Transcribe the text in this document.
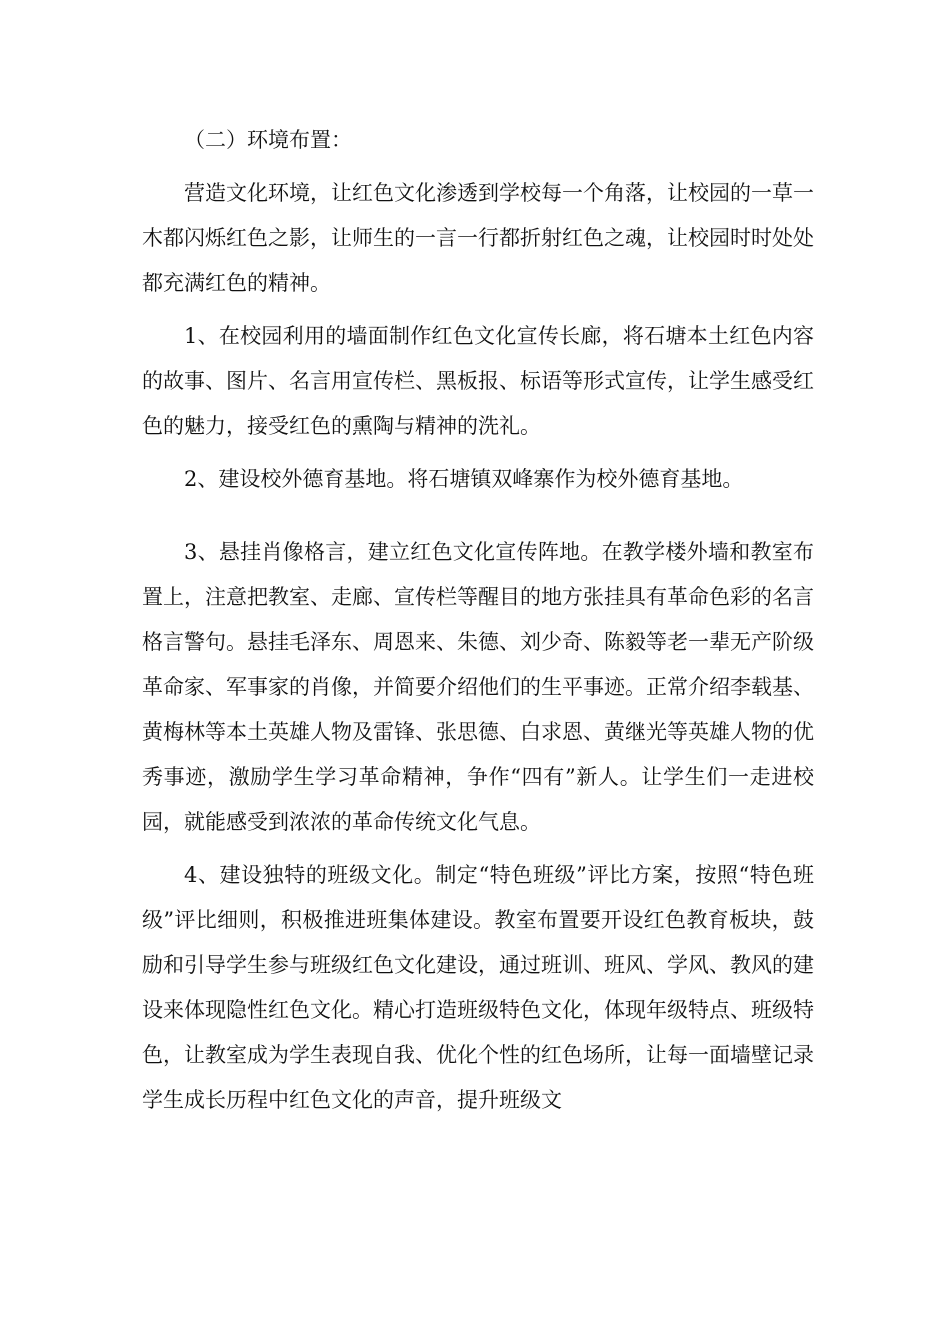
（二）环境布置：

营造文化环境，让红色文化渗透到学校每一个角落，让校园的一草一木都闪烁红色之影，让师生的一言一行都折射红色之魂，让校园时时处处都充满红色的精神。

1、在校园利用的墙面制作红色文化宣传长廊，将石塘本土红色内容的故事、图片、名言用宣传栏、黑板报、标语等形式宣传，让学生感受红色的魅力，接受红色的熏陶与精神的洗礼。

2、建设校外德育基地。将石塘镇双峰寨作为校外德育基地。

3、悬挂肖像格言，建立红色文化宣传阵地。在教学楼外墙和教室布置上，注意把教室、走廊、宣传栏等醒目的地方张挂具有革命色彩的名言格言警句。悬挂毛泽东、周恩来、朱德、刘少奇、陈毅等老一辈无产阶级革命家、军事家的肖像，并简要介绍他们的生平事迹。正常介绍李载基、黄梅林等本土英雄人物及雷锋、张思德、白求恩、黄继光等英雄人物的优秀事迹，激励学生学习革命精神，争作“四有”新人。让学生们一走进校园，就能感受到浓浓的革命传统文化气息。

4、建设独特的班级文化。制定“特色班级”评比方案，按照“特色班级”评比细则，积极推进班集体建设。教室布置要开设红色教育板块，鼓励和引导学生参与班级红色文化建设，通过班训、班风、学风、教风的建设来体现隐性红色文化。精心打造班级特色文化，体现年级特点、班级特色，让教室成为学生表现自我、优化个性的红色场所，让每一面墙壁记录学生成长历程中红色文化的声音，提升班级文
